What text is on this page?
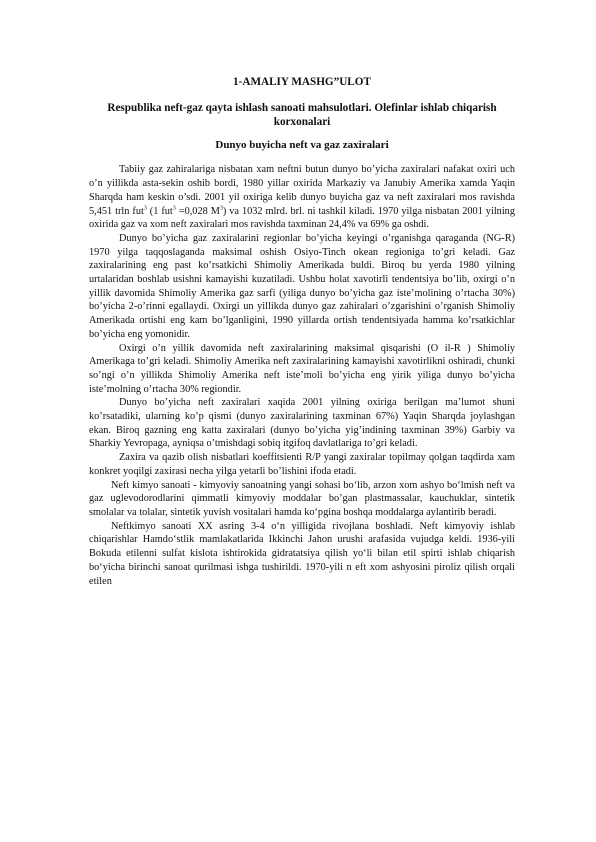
1-AMALIY MASHG”ULOT
Respublika neft-gaz qayta ishlash sanoati mahsulotlari. Olefinlar ishlab chiqarish korxonalari
Dunyo buyicha neft va gaz zaxiralari

Tabiiy gaz zahiralariga nisbatan xam neftni butun dunyo bo’yicha zaxiralari nafakat oxiri uch o’n yillikda asta-sekin oshib bordi, 1980 yillar oxirida Markaziy va Janubiy Amerika xamda Yaqin Sharqda ham keskin o’sdi. 2001 yil oxiriga kelib dunyo buyicha gaz va neft zaxiralari mos ravishda 5,451 trln fut$^3$ (1 fut$^3$ =0,028 $M^3$) va 1032 mlrd. brl. ni tashkil kiladi. 1970 yilga nisbatan 2001 yilning oxirida gaz va xom neft zaxiralari mos ravishda taxminan 24,4% va 69% ga oshdi.

Dunyo bo’yicha gaz zaxiralarini regionlar bo’yicha keyingi o’rganishga qaraganda (NG-R) 1970 yilga taqqoslaganda maksimal oshish Osiyo-Tinch okean regioniga to’gri keladi. Gaz zaxiralarining eng past ko’rsatkichi Shimoliy Amerikada buldi. Biroq bu yerda 1980 yilning urtalaridan boshlab usishni kamayishi kuzatiladi. Ushbu holat xavotirli tendentsiya bo’lib, oxirgi o’n yillik davomida Shimoliy Amerika gaz sarfi (yiliga dunyo bo’yicha gaz iste’molining o’rtacha 30%) bo’yicha 2-o’rinni egallaydi. Oxirgi un yillikda dunyo gaz zahiralari o’zgarishini o’rganish Shimoliy Amerikada ortishi eng kam bo’lganligini, 1990 yillarda ortish tendentsiyada hamma ko’rsatkichlar bo’yicha eng yomonidir.

Oxirgi o’n yillik davomida neft zaxiralarining maksimal qisqarishi (O il-R ) Shimoliy Amerikaga to’gri keladi. Shimoliy Amerika neft zaxiralarining kamayishi xavotirlikni oshiradi, chunki so’ngi o’n yillikda Shimoliy Amerika neft iste’moli bo’yicha eng yirik yiliga dunyo bo’yicha iste’molning o’rtacha 30% regiondir.

Dunyo bo’yicha neft zaxiralari xaqida 2001 yilning oxiriga berilgan ma’lumot shuni ko’rsatadiki, ularning ko’p qismi (dunyo zaxiralarining taxminan 67%) Yaqin Sharqda joylashgan ekan. Biroq gazning eng katta zaxiralari (dunyo bo’yicha yig’indining taxminan 39%) Garbiy va Sharkiy Yevropaga, ayniqsa o’tmishdagi sobiq itgifoq davlatlariga to’gri keladi.

Zaxira va qazib olish nisbatlari koeffitsienti R/P yangi zaxiralar topilmay qolgan taqdirda xam konkret yoqilgi zaxirasi necha yilga yetarli bo’lishini ifoda etadi.

Neft kimyo sanoati - kimyoviy sanoatning yangi sohasi bo‘lib, arzon xom ashyo bo‘lmish neft va gaz uglevodorodlarini qimmatli kimyoviy moddalar bo’gan plastmassalar, kauchuklar, sintetik smolalar va tolalar, sintetik yuvish vositalari hamda ko‘pgina boshqa moddalarga aylantirib beradi.

Neftkimyo sanoati XX asring 3-4 o‘n yilligida rivojlana boshladi. Neft kimyoviy ishlab chiqarishlar Hamdo‘stlik mamlakatlarida Ikkinchi Jahon urushi arafasida vujudga keldi. 1936-yili Bokuda etilenni sulfat kislota ishtirokida gidratatsiya qilish yo‘li bilan etil spirti ishlab chiqarish bo‘yicha birinchi sanoat qurilmasi ishga tushirildi. 1970-yili n eft xom ashyosini piroliz qilish orqali etilen
